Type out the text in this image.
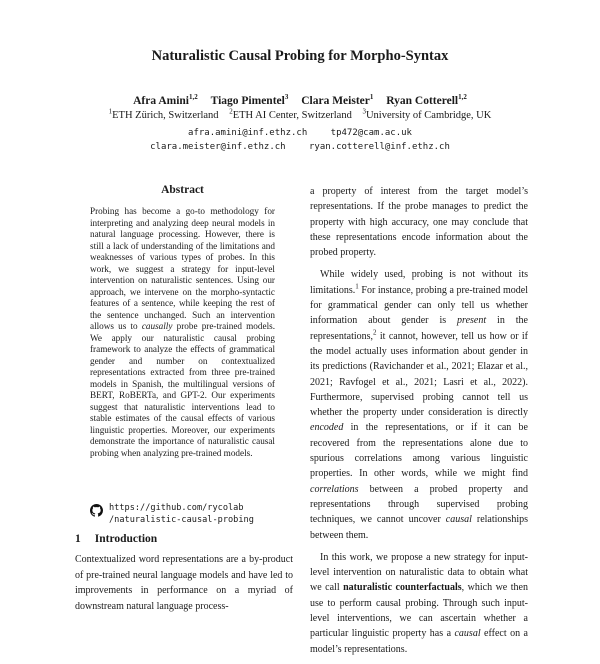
Naturalistic Causal Probing for Morpho-Syntax
Afra Amini$^{1,2}$ Tiago Pimentel$^3$ Clara Meister$^1$ Ryan Cotterell$^{1,2}$
$^1$ETH Zürich, Switzerland $^2$ETH AI Center, Switzerland $^3$University of Cambridge, UK
afra.amini@inf.ethz.ch	tp472@cam.ac.uk
clara.meister@inf.ethz.ch	ryan.cotterell@inf.ethz.ch
Abstract
Probing has become a go-to methodology for interpreting and analyzing deep neural models in natural language processing. However, there is still a lack of understanding of the limitations and weaknesses of various types of probes. In this work, we suggest a strategy for input-level intervention on naturalistic sentences. Using our approach, we intervene on the morpho-syntactic features of a sentence, while keeping the rest of the sentence unchanged. Such an intervention allows us to causally probe pre-trained models. We apply our naturalistic causal probing framework to analyze the effects of grammatical gender and number on contextualized representations extracted from three pre-trained models in Spanish, the multilingual versions of BERT, RoBERTa, and GPT-2. Our experiments suggest that naturalistic interventions lead to stable estimates of the causal effects of various linguistic properties. Moreover, our experiments demonstrate the importance of naturalistic causal probing when analyzing pre-trained models.
https://github.com/rycolab
/naturalistic-causal-probing
1 Introduction
Contextualized word representations are a by-product of pre-trained neural language models and have led to improvements in performance on a myriad of downstream natural language process-

a property of interest from the target model’s representations. If the probe manages to predict the property with high accuracy, one may conclude that these representations encode information about the probed property.

While widely used, probing is not without its limitations.$^1$ For instance, probing a pre-trained model for grammatical gender can only tell us whether information about gender is present in the representations,$^2$ it cannot, however, tell us how or if the model actually uses information about gender in its predictions (Ravichander et al., 2021; Elazar et al., 2021; Ravfogel et al., 2021; Lasri et al., 2022). Furthermore, supervised probing cannot tell us whether the property under consideration is directly encoded in the representations, or if it can be recovered from the representations alone due to spurious correlations among various linguistic properties. In other words, while we might find correlations between a probed property and representations through supervised probing techniques, we cannot uncover causal relationships between them.

In this work, we propose a new strategy for input-level intervention on naturalistic data to obtain what we call naturalistic counterfactuals, which we then use to perform causal probing. Through such input-level interventions, we can ascertain whether a particular linguistic property has a causal effect on a model’s representations.
